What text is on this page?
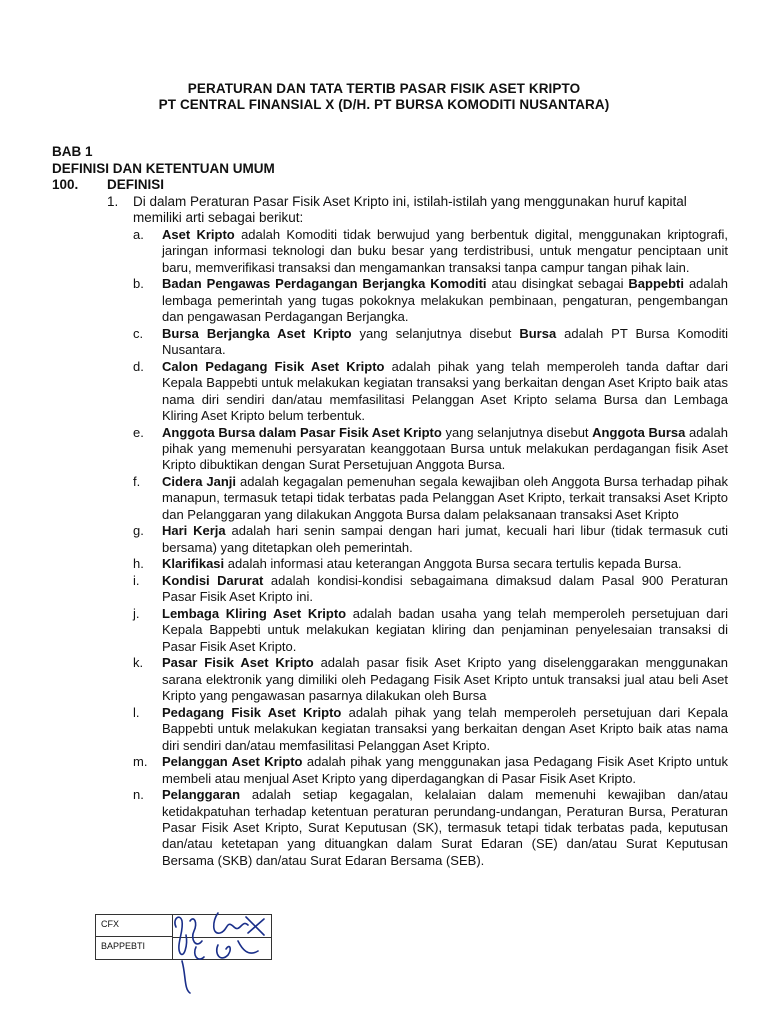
PERATURAN DAN TATA TERTIB PASAR FISIK ASET KRIPTO
PT CENTRAL FINANSIAL X (D/H. PT BURSA KOMODITI NUSANTARA)
BAB 1
DEFINISI DAN KETENTUAN UMUM
100. DEFINISI
1. Di dalam Peraturan Pasar Fisik Aset Kripto ini, istilah-istilah yang menggunakan huruf kapital memiliki arti sebagai berikut:
a. Aset Kripto adalah Komoditi tidak berwujud yang berbentuk digital, menggunakan kriptografi, jaringan informasi teknologi dan buku besar yang terdistribusi, untuk mengatur penciptaan unit baru, memverifikasi transaksi dan mengamankan transaksi tanpa campur tangan pihak lain.
b. Badan Pengawas Perdagangan Berjangka Komoditi atau disingkat sebagai Bappebti adalah lembaga pemerintah yang tugas pokoknya melakukan pembinaan, pengaturan, pengembangan dan pengawasan Perdagangan Berjangka.
c. Bursa Berjangka Aset Kripto yang selanjutnya disebut Bursa adalah PT Bursa Komoditi Nusantara.
d. Calon Pedagang Fisik Aset Kripto adalah pihak yang telah memperoleh tanda daftar dari Kepala Bappebti untuk melakukan kegiatan transaksi yang berkaitan dengan Aset Kripto baik atas nama diri sendiri dan/atau memfasilitasi Pelanggan Aset Kripto selama Bursa dan Lembaga Kliring Aset Kripto belum terbentuk.
e. Anggota Bursa dalam Pasar Fisik Aset Kripto yang selanjutnya disebut Anggota Bursa adalah pihak yang memenuhi persyaratan keanggotaan Bursa untuk melakukan perdagangan fisik Aset Kripto dibuktikan dengan Surat Persetujuan Anggota Bursa.
f. Cidera Janji adalah kegagalan pemenuhan segala kewajiban oleh Anggota Bursa terhadap pihak manapun, termasuk tetapi tidak terbatas pada Pelanggan Aset Kripto, terkait transaksi Aset Kripto dan Pelanggaran yang dilakukan Anggota Bursa dalam pelaksanaan transaksi Aset Kripto
g. Hari Kerja adalah hari senin sampai dengan hari jumat, kecuali hari libur (tidak termasuk cuti bersama) yang ditetapkan oleh pemerintah.
h. Klarifikasi adalah informasi atau keterangan Anggota Bursa secara tertulis kepada Bursa.
i. Kondisi Darurat adalah kondisi-kondisi sebagaimana dimaksud dalam Pasal 900 Peraturan Pasar Fisik Aset Kripto ini.
j. Lembaga Kliring Aset Kripto adalah badan usaha yang telah memperoleh persetujuan dari Kepala Bappebti untuk melakukan kegiatan kliring dan penjaminan penyelesaian transaksi di Pasar Fisik Aset Kripto.
k. Pasar Fisik Aset Kripto adalah pasar fisik Aset Kripto yang diselenggarakan menggunakan sarana elektronik yang dimiliki oleh Pedagang Fisik Aset Kripto untuk transaksi jual atau beli Aset Kripto yang pengawasan pasarnya dilakukan oleh Bursa
l. Pedagang Fisik Aset Kripto adalah pihak yang telah memperoleh persetujuan dari Kepala Bappebti untuk melakukan kegiatan transaksi yang berkaitan dengan Aset Kripto baik atas nama diri sendiri dan/atau memfasilitasi Pelanggan Aset Kripto.
m. Pelanggan Aset Kripto adalah pihak yang menggunakan jasa Pedagang Fisik Aset Kripto untuk membeli atau menjual Aset Kripto yang diperdagangkan di Pasar Fisik Aset Kripto.
n. Pelanggaran adalah setiap kegagalan, kelalaian dalam memenuhi kewajiban dan/atau ketidakpatuhan terhadap ketentuan peraturan perundang-undangan, Peraturan Bursa, Peraturan Pasar Fisik Aset Kripto, Surat Keputusan (SK), termasuk tetapi tidak terbatas pada, keputusan dan/atau ketetapan yang dituangkan dalam Surat Edaran (SE) dan/atau Surat Keputusan Bersama (SKB) dan/atau Surat Edaran Bersama (SEB).
CFX
BAPPEBTI
